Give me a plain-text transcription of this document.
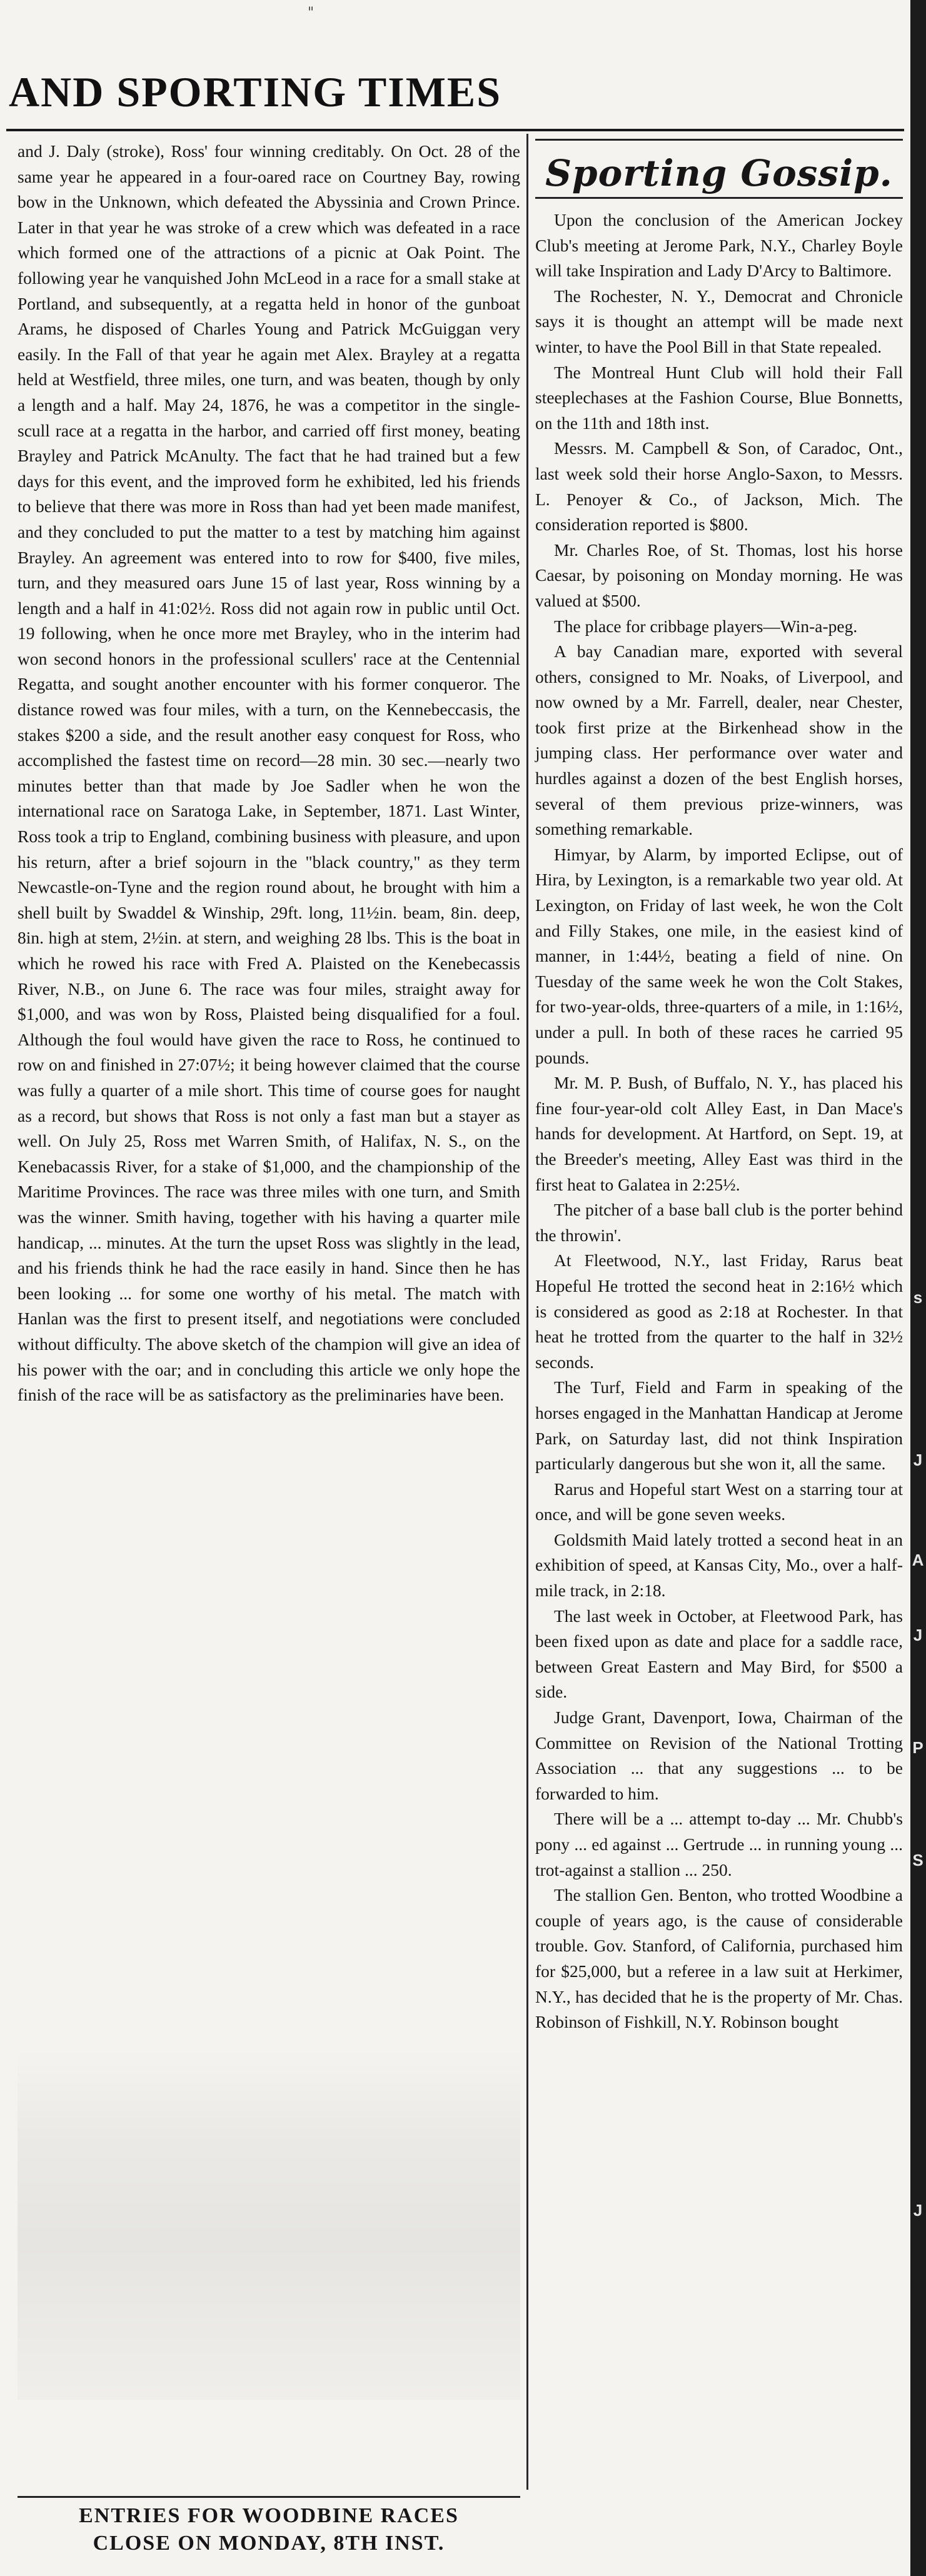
"
AND SPORTING TIMES

and J. Daly (stroke), Ross' four winning creditably. On Oct. 28 of the same year he appeared in a four-oared race on Courtney Bay, rowing bow in the Unknown, which defeated the Abyssinia and Crown Prince. Later in that year he was stroke of a crew which was defeated in a race which formed one of the attractions of a picnic at Oak Point. The following year he vanquished John McLeod in a race for a small stake at Portland, and subsequently, at a regatta held in honor of the gunboat Arams, he disposed of Charles Young and Patrick McGuiggan very easily. In the Fall of that year he again met Alex. Brayley at a regatta held at Westfield, three miles, one turn, and was beaten, though by only a length and a half. May 24, 1876, he was a competitor in the single-scull race at a regatta in the harbor, and carried off first money, beating Brayley and Patrick McAnulty. The fact that he had trained but a few days for this event, and the improved form he exhibited, led his friends to believe that there was more in Ross than had yet been made manifest, and they concluded to put the matter to a test by matching him against Brayley. An agreement was entered into to row for $400, five miles, turn, and they measured oars June 15 of last year, Ross winning by a length and a half in 41:02½. Ross did not again row in public until Oct. 19 following, when he once more met Brayley, who in the interim had won second honors in the professional scullers' race at the Centennial Regatta, and sought another encounter with his former conqueror. The distance rowed was four miles, with a turn, on the Kennebeccasis, the stakes $200 a side, and the result another easy conquest for Ross, who accomplished the fastest time on record—28 min. 30 sec.—nearly two minutes better than that made by Joe Sadler when he won the international race on Saratoga Lake, in September, 1871. Last Winter, Ross took a trip to England, combining business with pleasure, and upon his return, after a brief sojourn in the "black country," as they term Newcastle-on-Tyne and the region round about, he brought with him a shell built by Swaddel & Winship, 29ft. long, 11½in. beam, 8in. deep, 8in. high at stem, 2½in. at stern, and weighing 28 lbs. This is the boat in which he rowed his race with Fred A. Plaisted on the Kenebecassis River, N.B., on June 6. The race was four miles, straight away for $1,000, and was won by Ross, Plaisted being disqualified for a foul. Although the foul would have given the race to Ross, he continued to row on and finished in 27:07½; it being however claimed that the course was fully a quarter of a mile short. This time of course goes for naught as a record, but shows that Ross is not only a fast man but a stayer as well. On July 25, Ross met Warren Smith, of Halifax, N. S., on the Kenebacassis River, for a stake of $1,000, and the championship of the Maritime Provinces. The race was three miles with one turn, and Smith was the winner. Smith having, together with his having a quarter mile handicap, ... minutes. At the turn the upset Ross was slightly in the lead, and his friends think he had the race easily in hand. Since then he has been looking ... for some one worthy of his metal. The match with Hanlan was the first to present itself, and negotiations were concluded without difficulty. The above sketch of the champion will give an idea of his power with the oar; and in concluding this article we only hope the finish of the race will be as satisfactory as the preliminaries have been.

Sporting Gossip.

Upon the conclusion of the American Jockey Club's meeting at Jerome Park, N.Y., Charley Boyle will take Inspiration and Lady D'Arcy to Baltimore.

The Rochester, N. Y., Democrat and Chronicle says it is thought an attempt will be made next winter, to have the Pool Bill in that State repealed.

The Montreal Hunt Club will hold their Fall steeplechases at the Fashion Course, Blue Bonnetts, on the 11th and 18th inst.

Messrs. M. Campbell & Son, of Caradoc, Ont., last week sold their horse Anglo-Saxon, to Messrs. L. Penoyer & Co., of Jackson, Mich. The consideration reported is $800.

Mr. Charles Roe, of St. Thomas, lost his horse Caesar, by poisoning on Monday morning. He was valued at $500.

The place for cribbage players—Win-a-peg.

A bay Canadian mare, exported with several others, consigned to Mr. Noaks, of Liverpool, and now owned by a Mr. Farrell, dealer, near Chester, took first prize at the Birkenhead show in the jumping class. Her performance over water and hurdles against a dozen of the best English horses, several of them previous prize-winners, was something remarkable.

Himyar, by Alarm, by imported Eclipse, out of Hira, by Lexington, is a remarkable two year old. At Lexington, on Friday of last week, he won the Colt and Filly Stakes, one mile, in the easiest kind of manner, in 1:44½, beating a field of nine. On Tuesday of the same week he won the Colt Stakes, for two-year-olds, three-quarters of a mile, in 1:16½, under a pull. In both of these races he carried 95 pounds.

Mr. M. P. Bush, of Buffalo, N. Y., has placed his fine four-year-old colt Alley East, in Dan Mace's hands for development. At Hartford, on Sept. 19, at the Breeder's meeting, Alley East was third in the first heat to Galatea in 2:25½.

The pitcher of a base ball club is the porter behind the throwin'.

At Fleetwood, N.Y., last Friday, Rarus beat Hopeful He trotted the second heat in 2:16½ which is considered as good as 2:18 at Rochester. In that heat he trotted from the quarter to the half in 32½ seconds.

The Turf, Field and Farm in speaking of the horses engaged in the Manhattan Handicap at Jerome Park, on Saturday last, did not think Inspiration particularly dangerous but she won it, all the same.

Rarus and Hopeful start West on a starring tour at once, and will be gone seven weeks.

Goldsmith Maid lately trotted a second heat in an exhibition of speed, at Kansas City, Mo., over a half-mile track, in 2:18.

The last week in October, at Fleetwood Park, has been fixed upon as date and place for a saddle race, between Great Eastern and May Bird, for $500 a side.

Judge Grant, Davenport, Iowa, Chairman of the Committee on Revision of the National Trotting Association ... that any suggestions ... to be forwarded to him.

There will be a ... attempt to-day ... Mr. Chubb's pony ... ed against ... Gertrude ... in running young ... trot-against a stallion ... 250.

The stallion Gen. Benton, who trotted Woodbine a couple of years ago, is the cause of considerable trouble. Gov. Stanford, of California, purchased him for $25,000, but a referee in a law suit at Herkimer, N.Y., has decided that he is the property of Mr. Chas. Robinson of Fishkill, N.Y. Robinson bought

s
J
A
J
P
S
J
ENTRIES FOR WOODBINE RACES
CLOSE ON MONDAY, 8TH INST.
